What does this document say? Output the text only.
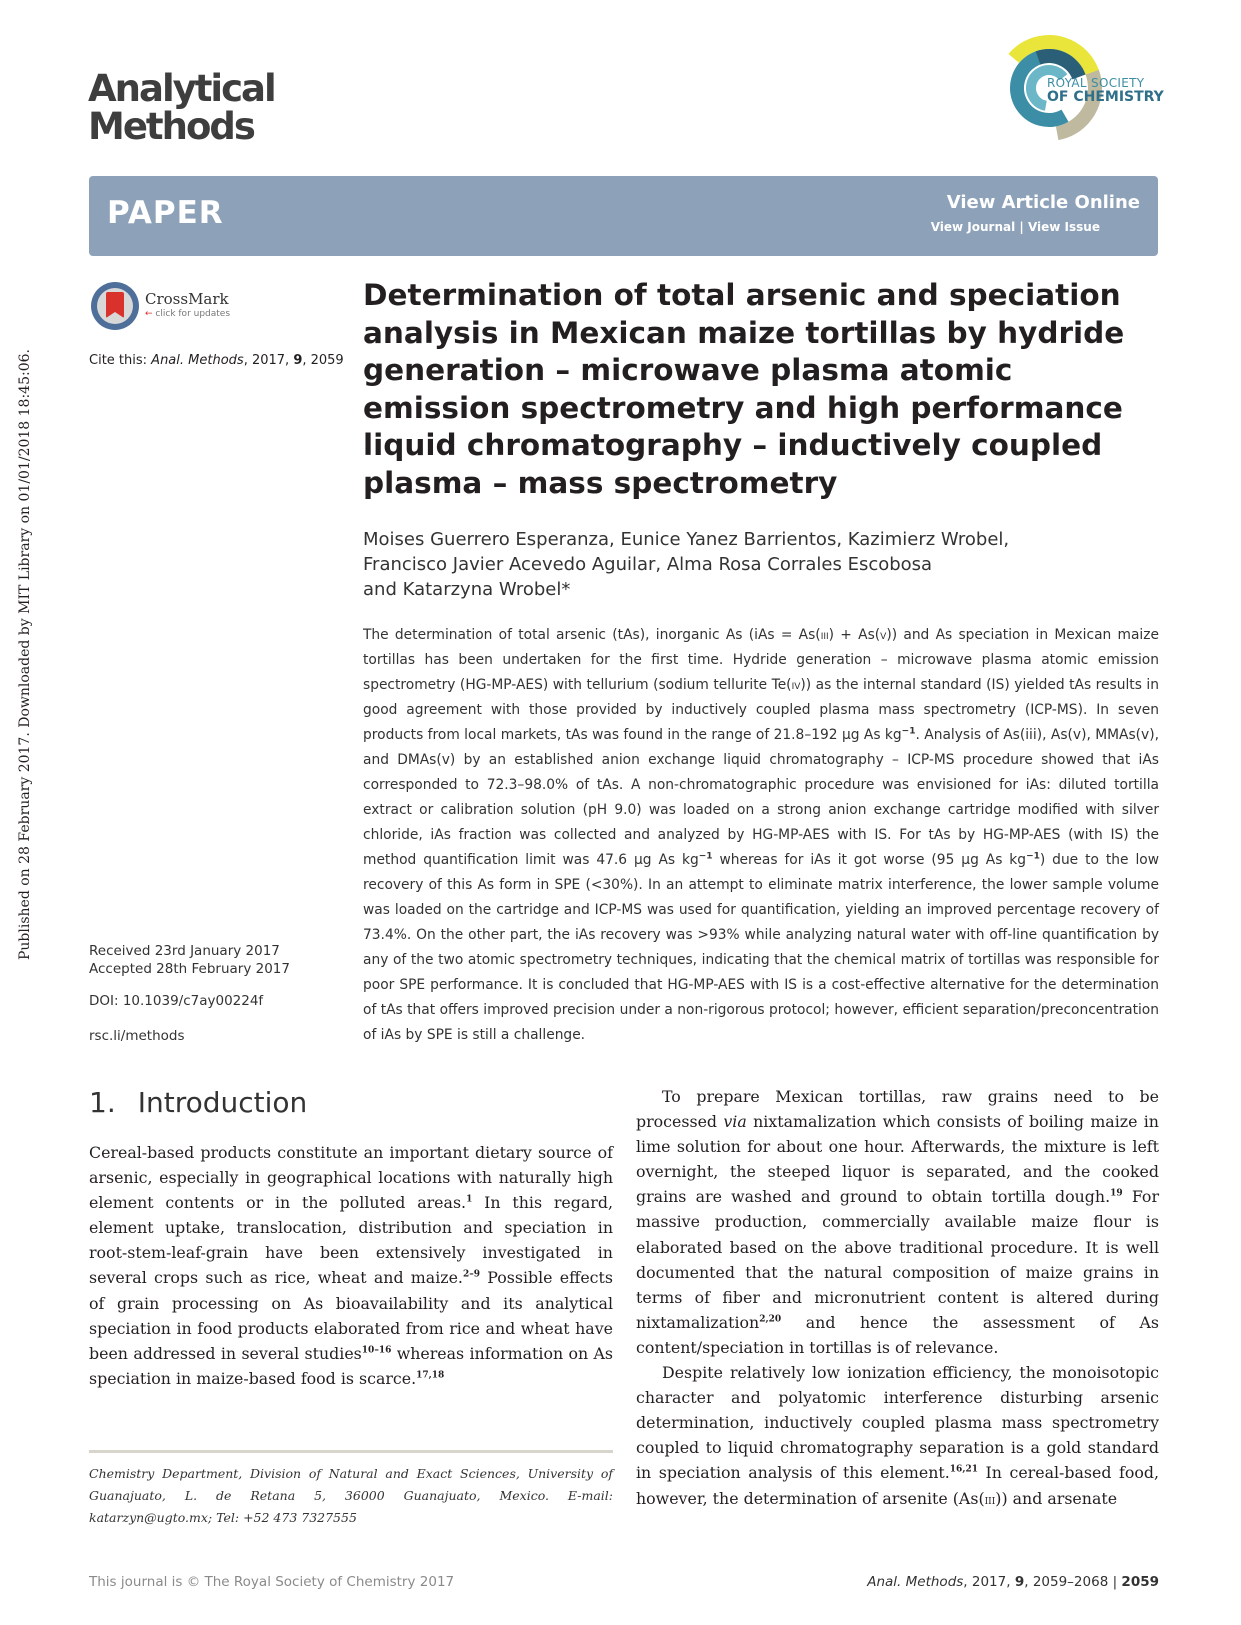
Published on 28 February 2017. Downloaded by MIT Library on 01/01/2018 18:45:06.
Analytical
Methods
ROYAL SOCIETY
OF CHEMISTRY
PAPER	View Article Online
View Journal | View Issue
CrossMark
← click for updates
Cite this: Anal. Methods, 2017, 9, 2059
Determination of total arsenic and speciation analysis in Mexican maize tortillas by hydride generation – microwave plasma atomic emission spectrometry and high performance liquid chromatography – inductively coupled plasma – mass spectrometry
Moises Guerrero Esperanza, Eunice Yanez Barrientos, Kazimierz Wrobel,
Francisco Javier Acevedo Aguilar, Alma Rosa Corrales Escobosa
and Katarzyna Wrobel*
The determination of total arsenic (tAs), inorganic As (iAs = As(iii) + As(v)) and As speciation in Mexican maize tortillas has been undertaken for the first time. Hydride generation – microwave plasma atomic emission spectrometry (HG-MP-AES) with tellurium (sodium tellurite Te(iv)) as the internal standard (IS) yielded tAs results in good agreement with those provided by inductively coupled plasma mass spectrometry (ICP-MS). In seven products from local markets, tAs was found in the range of 21.8–192 μg As $kg^{-1}$. Analysis of As(iii), As(v), MMAs(v), and DMAs(v) by an established anion exchange liquid chromatography – ICP-MS procedure showed that iAs corresponded to 72.3–98.0% of tAs. A non-chromatographic procedure was envisioned for iAs: diluted tortilla extract or calibration solution (pH 9.0) was loaded on a strong anion exchange cartridge modified with silver chloride, iAs fraction was collected and analyzed by HG-MP-AES with IS. For tAs by HG-MP-AES (with IS) the method quantification limit was 47.6 μg As $kg^{-1}$ whereas for iAs it got worse (95 μg As $kg^{-1}$) due to the low recovery of this As form in SPE (<30%). In an attempt to eliminate matrix interference, the lower sample volume was loaded on the cartridge and ICP-MS was used for quantification, yielding an improved percentage recovery of 73.4%. On the other part, the iAs recovery was >93% while analyzing natural water with off-line quantification by any of the two atomic spectrometry techniques, indicating that the chemical matrix of tortillas was responsible for poor SPE performance. It is concluded that HG-MP-AES with IS is a cost-effective alternative for the determination of tAs that offers improved precision under a non-rigorous protocol; however, efficient separation/preconcentration of iAs by SPE is still a challenge.
Received 23rd January 2017
Accepted 28th February 2017
DOI: 10.1039/c7ay00224f
rsc.li/methods
1. Introduction

Cereal-based products constitute an important dietary source of arsenic, especially in geographical locations with naturally high element contents or in the polluted areas.$^1$ In this regard, element uptake, translocation, distribution and speciation in root-stem-leaf-grain have been extensively investigated in several crops such as rice, wheat and maize.$^{2-9}$ Possible effects of grain processing on As bioavailability and its analytical speciation in food products elaborated from rice and wheat have been addressed in several studies$^{10-16}$ whereas information on As speciation in maize-based food is scarce.$^{17,18}$

To prepare Mexican tortillas, raw grains need to be processed via nixtamalization which consists of boiling maize in lime solution for about one hour. Afterwards, the mixture is left overnight, the steeped liquor is separated, and the cooked grains are washed and ground to obtain tortilla dough.$^{19}$ For massive production, commercially available maize flour is elaborated based on the above traditional procedure. It is well documented that the natural composition of maize grains in terms of fiber and micronutrient content is altered during nixtamalization$^{2,20}$ and hence the assessment of As content/speciation in tortillas is of relevance.

Despite relatively low ionization efficiency, the monoisotopic character and polyatomic interference disturbing arsenic determination, inductively coupled plasma mass spectrometry coupled to liquid chromatography separation is a gold standard in speciation analysis of this element.$^{16,21}$ In cereal-based food, however, the determination of arsenite (As(iii)) and arsenate

Chemistry Department, Division of Natural and Exact Sciences, University of Guanajuato, L. de Retana 5, 36000 Guanajuato, Mexico. E-mail: katarzyn@ugto.mx; Tel: +52 473 7327555
This journal is © The Royal Society of Chemistry 2017	Anal. Methods, 2017, 9, 2059–2068 | 2059
